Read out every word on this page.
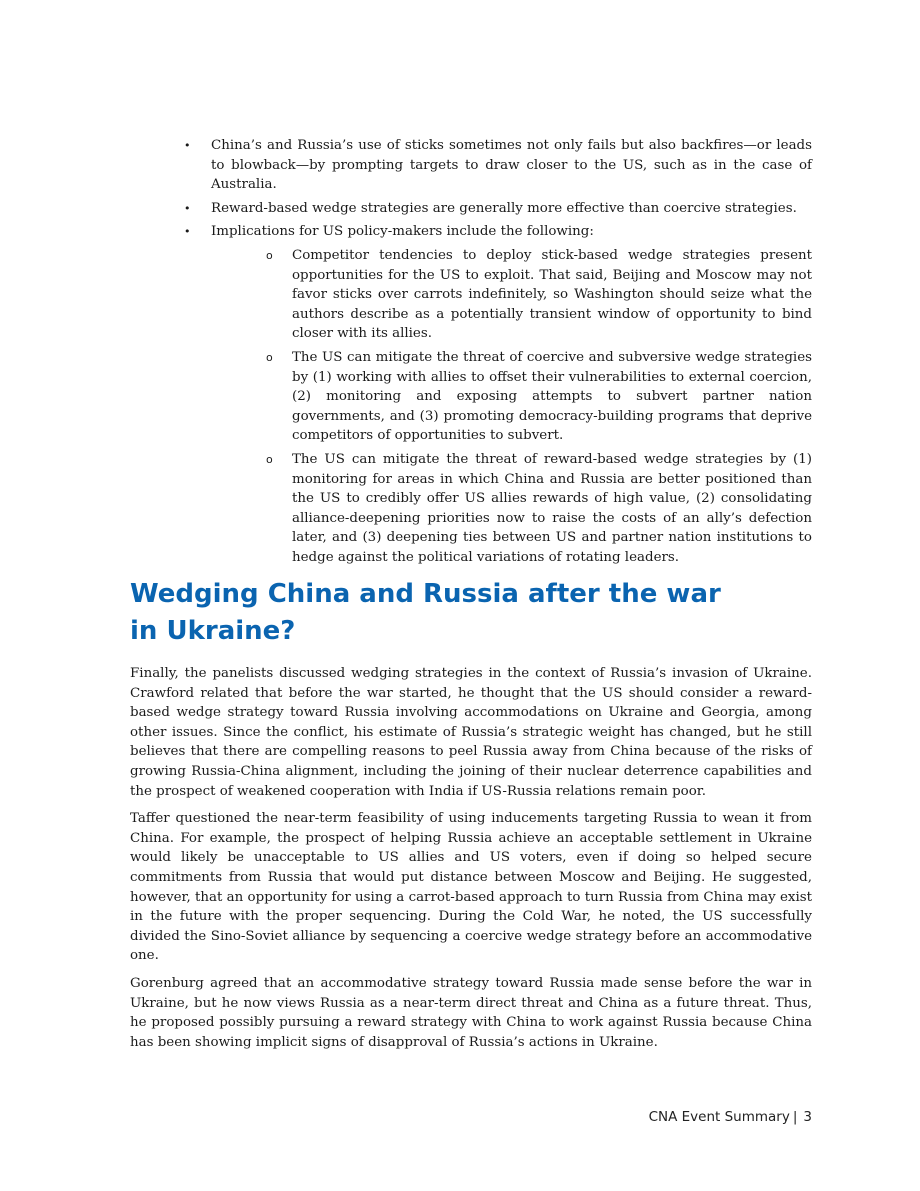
• China’s and Russia’s use of sticks sometimes not only fails but also backfires—or leads to blowback—by prompting targets to draw closer to the US, such as in the case of Australia.
• Reward-based wedge strategies are generally more effective than coercive strategies.
• Implications for US policy-makers include the following:
o Competitor tendencies to deploy stick-based wedge strategies present opportunities for the US to exploit. That said, Beijing and Moscow may not favor sticks over carrots indefinitely, so Washington should seize what the authors describe as a potentially transient window of opportunity to bind closer with its allies.
o The US can mitigate the threat of coercive and subversive wedge strategies by (1) working with allies to offset their vulnerabilities to external coercion, (2) monitoring and exposing attempts to subvert partner nation governments, and (3) promoting democracy-building programs that deprive competitors of opportunities to subvert.
o The US can mitigate the threat of reward-based wedge strategies by (1) monitoring for areas in which China and Russia are better positioned than the US to credibly offer US allies rewards of high value, (2) consolidating alliance-deepening priorities now to raise the costs of an ally’s defection later, and (3) deepening ties between US and partner nation institutions to hedge against the political variations of rotating leaders.
Wedging China and Russia after the war in Ukraine?

Finally, the panelists discussed wedging strategies in the context of Russia’s invasion of Ukraine. Crawford related that before the war started, he thought that the US should consider a reward-based wedge strategy toward Russia involving accommodations on Ukraine and Georgia, among other issues. Since the conflict, his estimate of Russia’s strategic weight has changed, but he still believes that there are compelling reasons to peel Russia away from China because of the risks of growing Russia-China alignment, including the joining of their nuclear deterrence capabilities and the prospect of weakened cooperation with India if US-Russia relations remain poor.

Taffer questioned the near-term feasibility of using inducements targeting Russia to wean it from China. For example, the prospect of helping Russia achieve an acceptable settlement in Ukraine would likely be unacceptable to US allies and US voters, even if doing so helped secure commitments from Russia that would put distance between Moscow and Beijing. He suggested, however, that an opportunity for using a carrot-based approach to turn Russia from China may exist in the future with the proper sequencing. During the Cold War, he noted, the US successfully divided the Sino-Soviet alliance by sequencing a coercive wedge strategy before an accommodative one.

Gorenburg agreed that an accommodative strategy toward Russia made sense before the war in Ukraine, but he now views Russia as a near-term direct threat and China as a future threat. Thus, he proposed possibly pursuing a reward strategy with China to work against Russia because China has been showing implicit signs of disapproval of Russia’s actions in Ukraine.

CNA Event Summary | 3
